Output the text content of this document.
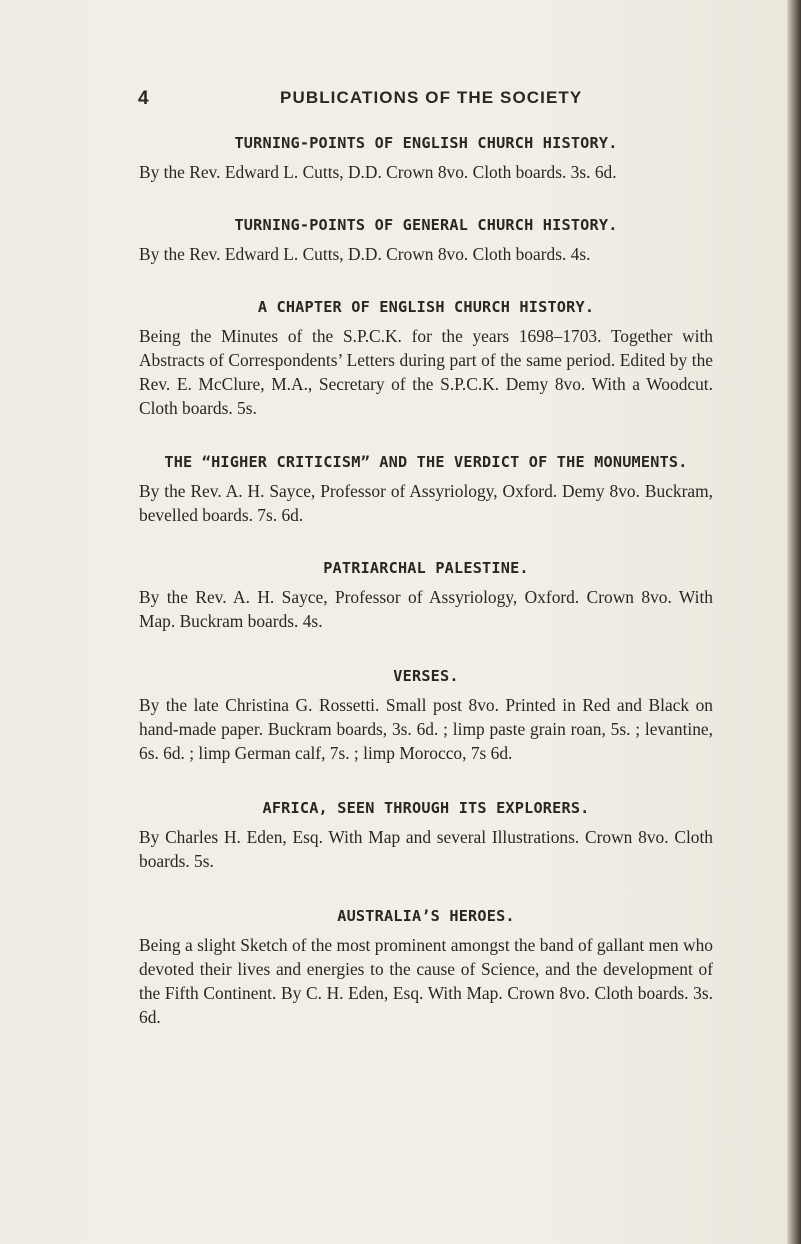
4	PUBLICATIONS OF THE SOCIETY

TURNING-POINTS OF ENGLISH CHURCH HISTORY.

By the Rev. Edward L. Cutts, D.D. Crown 8vo. Cloth boards. 3s. 6d.

TURNING-POINTS OF GENERAL CHURCH HISTORY.

By the Rev. Edward L. Cutts, D.D. Crown 8vo. Cloth boards. 4s.

A CHAPTER OF ENGLISH CHURCH HISTORY.

Being the Minutes of the S.P.C.K. for the years 1698–1703. Together with Abstracts of Correspondents’ Letters during part of the same period. Edited by the Rev. E. McClure, M.A., Secretary of the S.P.C.K. Demy 8vo. With a Woodcut. Cloth boards. 5s.

THE “HIGHER CRITICISM” AND THE VERDICT OF THE MONUMENTS.

By the Rev. A. H. Sayce, Professor of Assyriology, Oxford. Demy 8vo. Buckram, bevelled boards. 7s. 6d.

PATRIARCHAL PALESTINE.

By the Rev. A. H. Sayce, Professor of Assyriology, Oxford. Crown 8vo. With Map. Buckram boards. 4s.

VERSES.

By the late Christina G. Rossetti. Small post 8vo. Printed in Red and Black on hand-made paper. Buckram boards, 3s. 6d. ; limp paste grain roan, 5s. ; levantine, 6s. 6d. ; limp German calf, 7s. ; limp Morocco, 7s 6d.

AFRICA, SEEN THROUGH ITS EXPLORERS.

By Charles H. Eden, Esq. With Map and several Illustrations. Crown 8vo. Cloth boards. 5s.

AUSTRALIA’S HEROES.

Being a slight Sketch of the most prominent amongst the band of gallant men who devoted their lives and energies to the cause of Science, and the development of the Fifth Continent. By C. H. Eden, Esq. With Map. Crown 8vo. Cloth boards. 3s. 6d.
